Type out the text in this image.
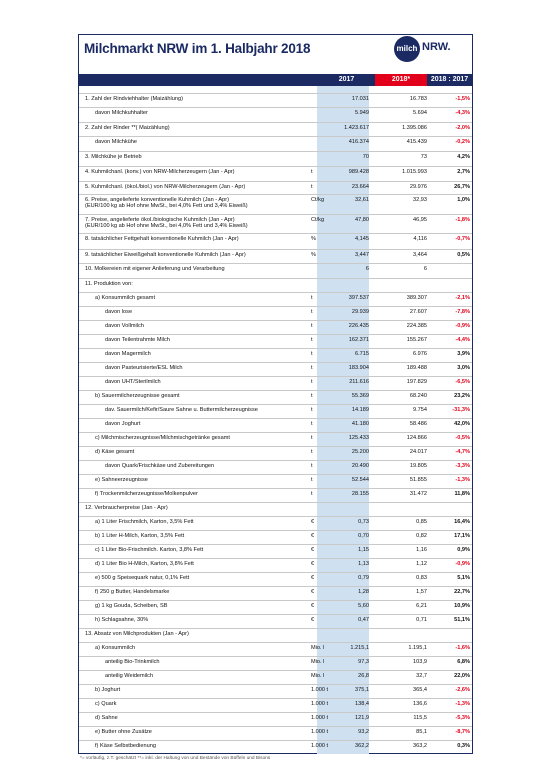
Milchmarkt NRW im 1. Halbjahr 2018	milch NRW.
2017	2018*	2018 : 2017
1. Zahl der Rindviehhalter (Maizählung)	17.031	16.783	-1,5%
davon Milchkuhhalter	5.949	5.694	-4,3%
2. Zahl der Rinder **( Maizählung)	1.423.617	1.395.086	-2,0%
davon Milchkühe	416.374	415.439	-0,2%
3. Milchkühe je Betrieb	70	73	4,2%
4. Kuhmilchanl. (konv.) von NRW-Milcherzeugern (Jan - Apr)	t	989.428	1.015.993	2,7%
5. Kuhmilchanl. (ökol./biol.) von NRW-Milcherzeugern (Jan - Apr)	t	23.664	29.976	26,7%
6. Preise, angelieferte konventionelle Kuhmilch (Jan - Apr)
(EUR/100 kg ab Hof ohne MwSt., bei 4,0% Fett und 3,4% Eiweiß)
Ct/kg	32,61	32,93	1,0%
7. Preise, angelieferte ökol./biologische Kuhmilch (Jan - Apr)
(EUR/100 kg ab Hof ohne MwSt., bei 4,0% Fett und 3,4% Eiweiß)
Ct/kg	47,80	46,95	-1,8%
8. tatsächlicher Fettgehalt konventionelle Kuhmilch (Jan - Apr)	%	4,145	4,116	-0,7%
9. tatsächlicher Eiweißgehalt konventionelle Kuhmilch (Jan - Apr)	%	3,447	3,464	0,5%
10. Molkereien mit eigener Anlieferung und Verarbeitung	6	6
11. Produktion von:
a) Konsummilch gesamt	t	397.537	389.307	-2,1%
davon lose	t	29.939	27.607	-7,8%
davon Vollmilch	t	226.435	224.385	-0,9%
davon Teilentrahmte Milch	t	162.371	155.267	-4,4%
davon Magermilch	t	6.715	6.976	3,9%
davon Pasteurisierte/ESL Milch	t	183.904	189.488	3,0%
davon UHT/Sterilmilch	t	211.616	197.829	-6,5%
b) Sauermilcherzeugnisse gesamt	t	55.369	68.240	23,2%
dav. Sauermilch/Kefir/Saure Sahne u. Buttermilcherzeugnisse	t	14.189	9.754	-31,3%
davon Joghurt	t	41.180	58.486	42,0%
c) Milchmischerzeugnisse/Milchmischgetränke gesamt	t	125.433	124.866	-0,5%
d) Käse gesamt	t	25.200	24.017	-4,7%
davon Quark/Frischkäse und Zubereitungen	t	20.490	19.805	-3,3%
e) Sahneerzeugnisse	t	52.544	51.855	-1,3%
f) Trockenmilcherzeugnisse/Molkenpulver	t	28.155	31.472	11,8%
12. Verbraucherpreise (Jan - Apr)
a) 1 Liter Frischmilch, Karton, 3,5% Fett	€	0,73	0,85	16,4%
b) 1 Liter H-Milch, Karton, 3,5% Fett	€	0,70	0,82	17,1%
c) 1 Liter Bio-Frischmilch. Karton, 3,8% Fett	€	1,15	1,16	0,9%
d) 1 Liter Bio H-Milch, Karton, 3,8% Fett	€	1,13	1,12	-0,9%
e) 500 g Speisequark natur, 0,1% Fett	€	0,79	0,83	5,1%
f) 250 g Butter, Handelsmarke	€	1,28	1,57	22,7%
g) 1 kg Gouda, Scheiben, SB	€	5,60	6,21	10,9%
h) Schlagsahne, 30%	€	0,47	0,71	51,1%
13. Absatz von Milchprodukten (Jan - Apr)
a) Konsummilch	Mio. l	1.215,1	1.195,1	-1,6%
anteilig Bio-Trinkmilch	Mio. l	97,3	103,9	6,8%
anteilig Weidemilch	Mio. l	26,8	32,7	22,0%
b) Joghurt	1.000 t	375,1	365,4	-2,6%
c) Quark	1.000 t	138,4	136,6	-1,3%
d) Sahne	1.000 t	121,9	115,5	-5,3%
e) Butter ohne Zusätze	1.000 t	93,2	85,1	-8,7%
f) Käse Selbstbedienung	1.000 t	362,2	363,2	0,3%
*= vorläufig, z.T. geschätzt **= inkl. der Haltung von und Bestände von Büffeln und Bisons
